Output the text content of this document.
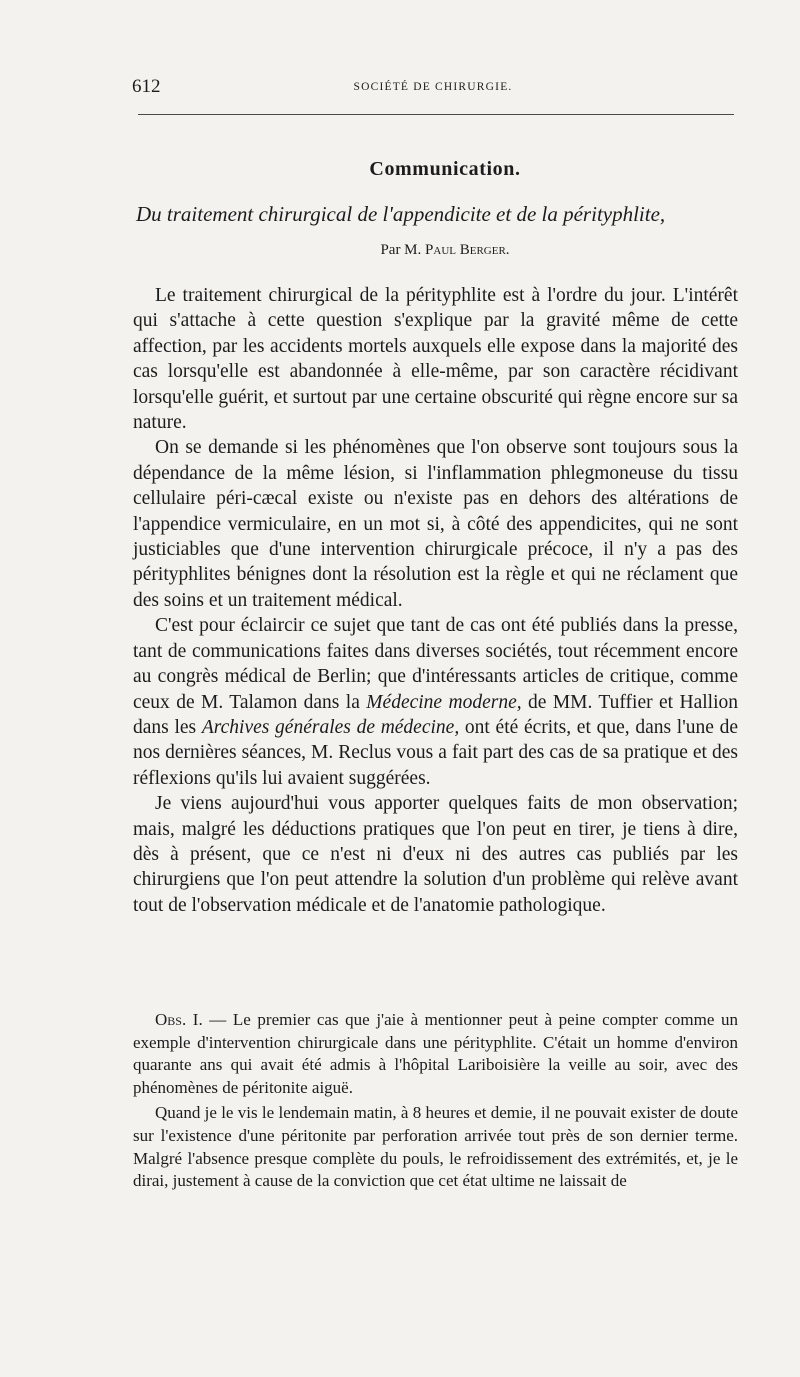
612	SOCIÉTÉ DE CHIRURGIE.
Communication.
Du traitement chirurgical de l'appendicite et de la pérityphlite,
Par M. Paul Berger.

Le traitement chirurgical de la pérityphlite est à l'ordre du jour. L'intérêt qui s'attache à cette question s'explique par la gravité même de cette affection, par les accidents mortels auxquels elle expose dans la majorité des cas lorsqu'elle est abandonnée à elle-même, par son caractère récidivant lorsqu'elle guérit, et surtout par une certaine obscurité qui règne encore sur sa nature.

On se demande si les phénomènes que l'on observe sont toujours sous la dépendance de la même lésion, si l'inflammation phlegmoneuse du tissu cellulaire péri-cæcal existe ou n'existe pas en dehors des altérations de l'appendice vermiculaire, en un mot si, à côté des appendicites, qui ne sont justiciables que d'une intervention chirurgicale précoce, il n'y a pas des pérityphlites bénignes dont la résolution est la règle et qui ne réclament que des soins et un traitement médical.

C'est pour éclaircir ce sujet que tant de cas ont été publiés dans la presse, tant de communications faites dans diverses sociétés, tout récemment encore au congrès médical de Berlin; que d'intéressants articles de critique, comme ceux de M. Talamon dans la Médecine moderne, de MM. Tuffier et Hallion dans les Archives générales de médecine, ont été écrits, et que, dans l'une de nos dernières séances, M. Reclus vous a fait part des cas de sa pratique et des réflexions qu'ils lui avaient suggérées.

Je viens aujourd'hui vous apporter quelques faits de mon observation; mais, malgré les déductions pratiques que l'on peut en tirer, je tiens à dire, dès à présent, que ce n'est ni d'eux ni des autres cas publiés par les chirurgiens que l'on peut attendre la solution d'un problème qui relève avant tout de l'observation médicale et de l'anatomie pathologique.

Obs. I. — Le premier cas que j'aie à mentionner peut à peine compter comme un exemple d'intervention chirurgicale dans une pérityphlite. C'était un homme d'environ quarante ans qui avait été admis à l'hôpital Lariboisière la veille au soir, avec des phénomènes de péritonite aiguë.

Quand je le vis le lendemain matin, à 8 heures et demie, il ne pouvait exister de doute sur l'existence d'une péritonite par perforation arrivée tout près de son dernier terme. Malgré l'absence presque complète du pouls, le refroidissement des extrémités, et, je le dirai, justement à cause de la conviction que cet état ultime ne laissait de
